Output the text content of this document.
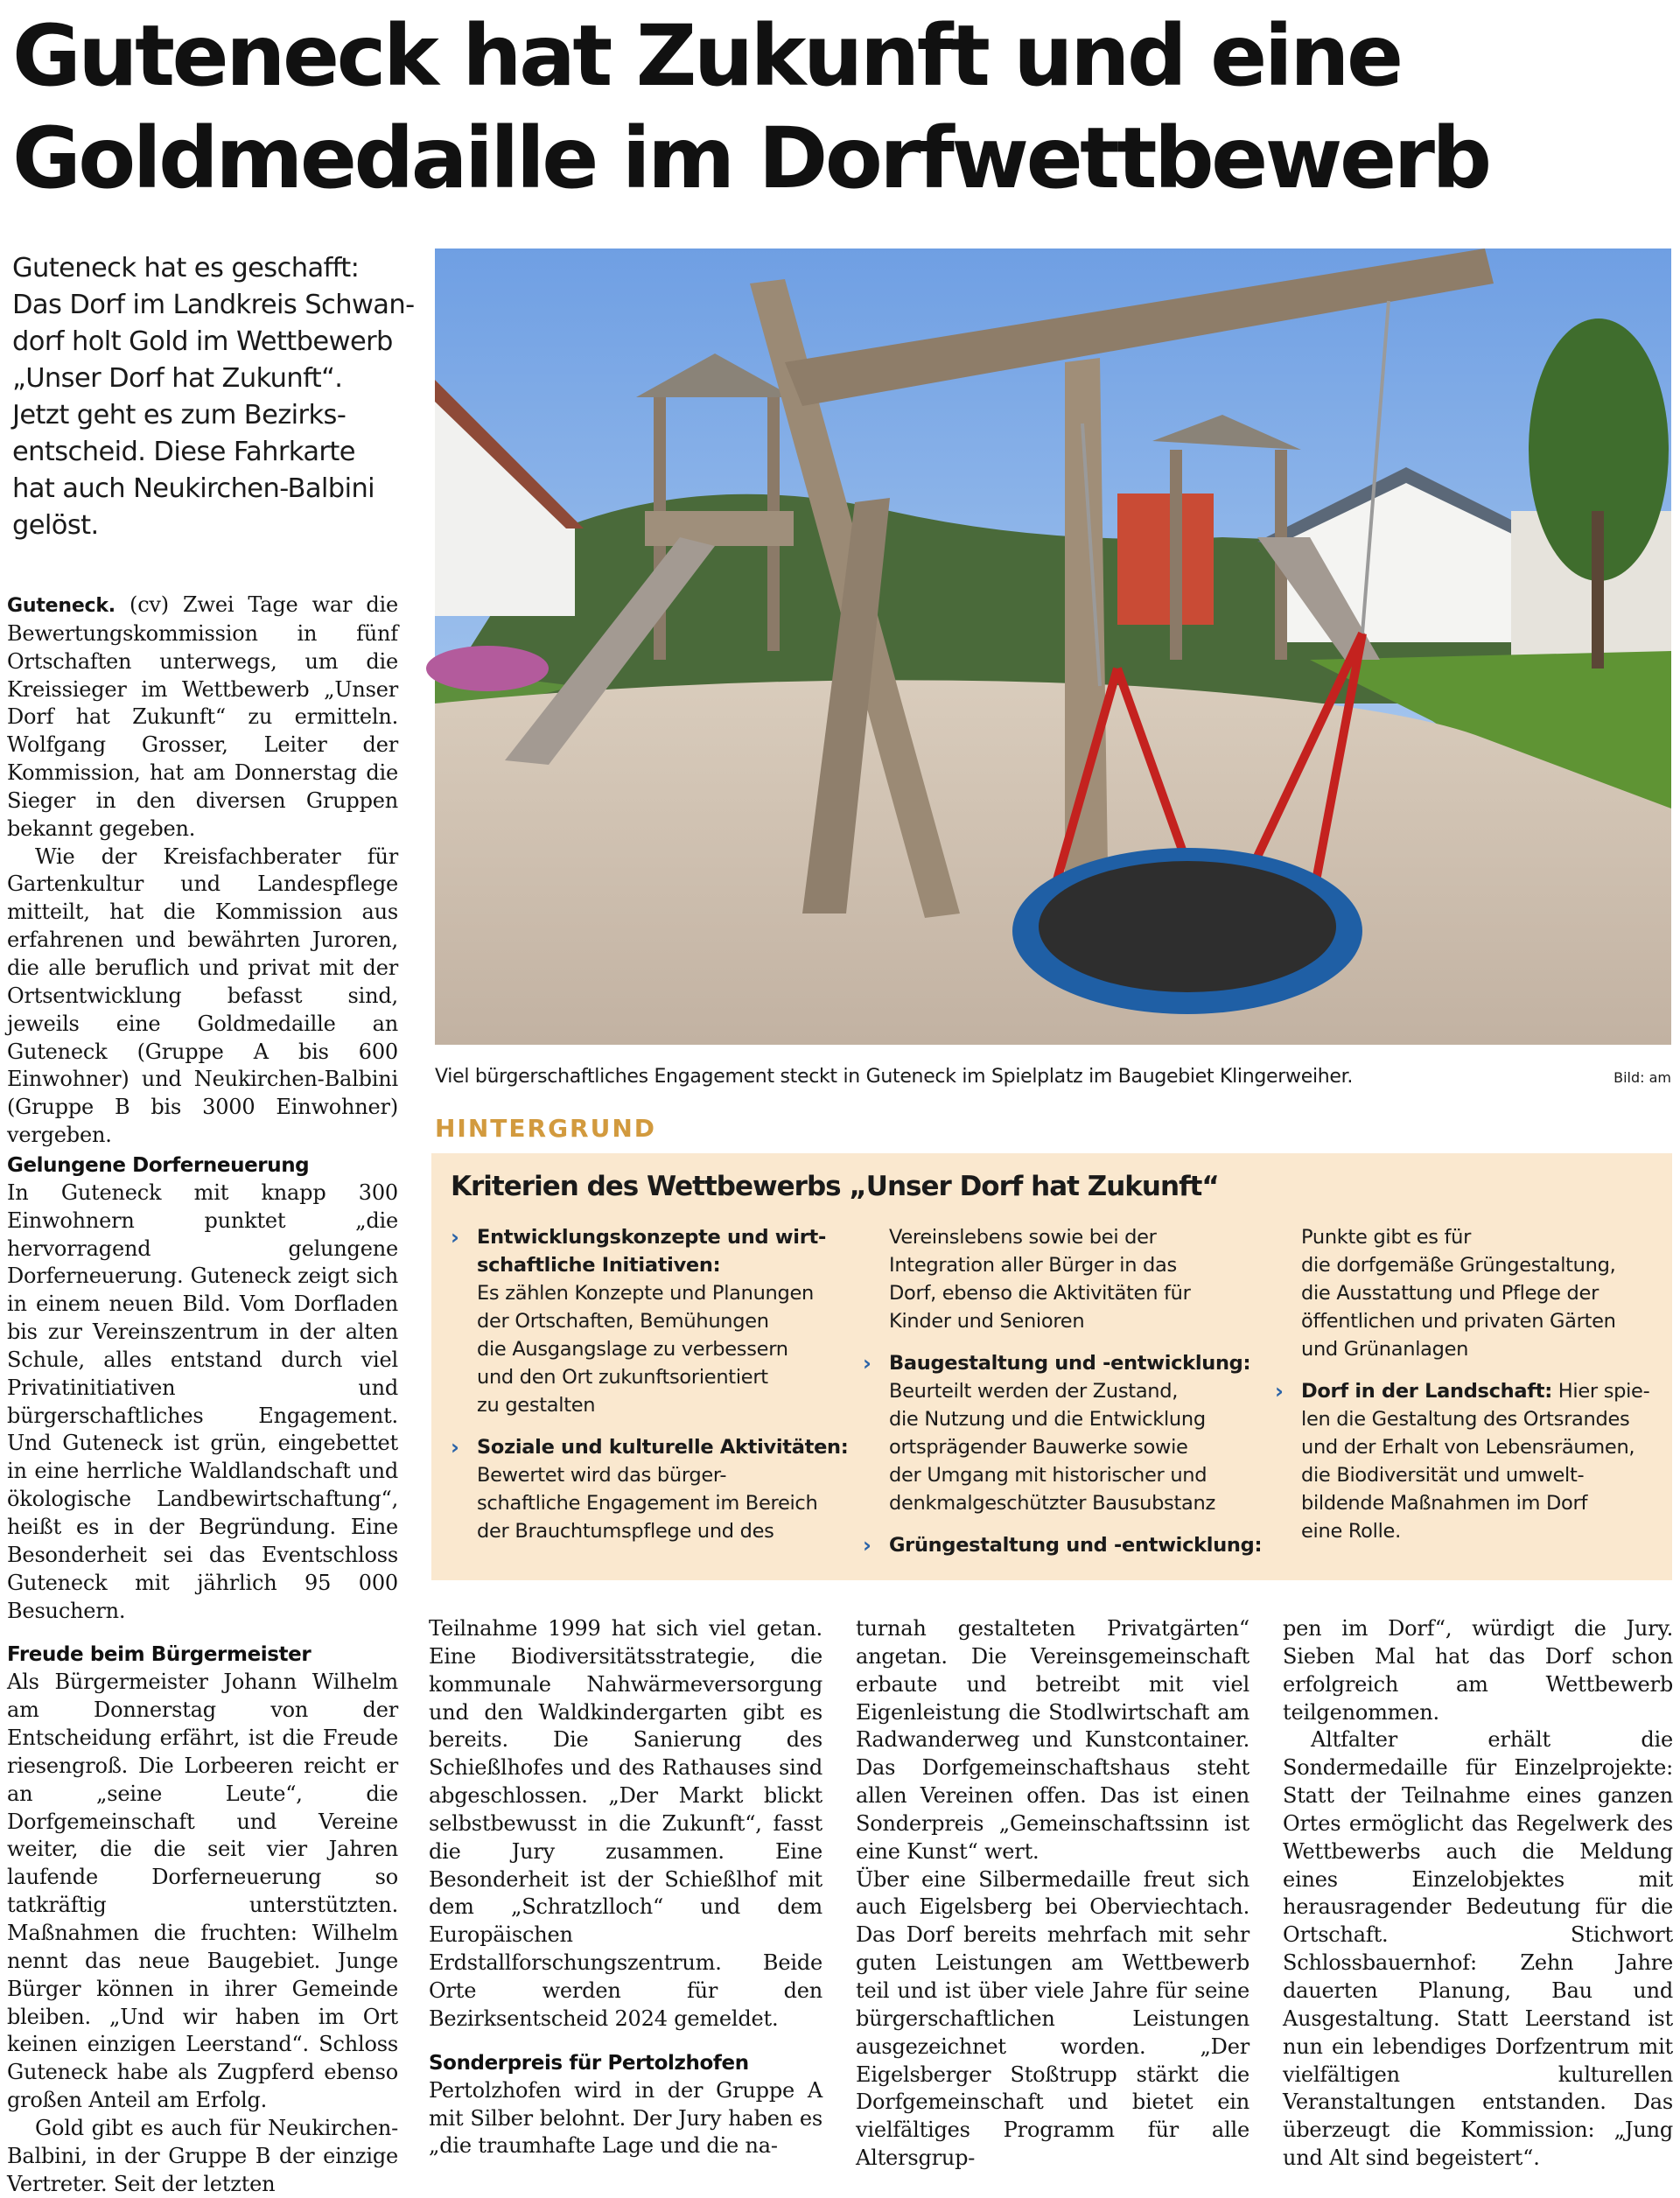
Guteneck hat Zukunft und eine
Goldmedaille im Dorfwettbewerb
Guteneck hat es geschafft:
Das Dorf im Landkreis Schwan-
dorf holt Gold im Wettbewerb
„Unser Dorf hat Zukunft“.
Jetzt geht es zum Bezirks-
entscheid. Diese Fahrkarte
hat auch Neukirchen-Balbini
gelöst.

Guteneck. (cv) Zwei Tage war die Bewertungskommission in fünf Ortschaften unterwegs, um die Kreissieger im Wettbewerb „Unser Dorf hat Zukunft“ zu ermitteln. Wolfgang Grosser, Leiter der Kommission, hat am Donnerstag die Sieger in den diversen Gruppen bekannt gegeben.

Wie der Kreisfachberater für Gartenkultur und Landespflege mitteilt, hat die Kommission aus erfahrenen und bewährten Juroren, die alle beruflich und privat mit der Ortsentwicklung befasst sind, jeweils eine Goldmedaille an Guteneck (Gruppe A bis 600 Einwohner) und Neukirchen-Balbini (Gruppe B bis 3000 Einwohner) vergeben.

Gelungene Dorferneuerung

In Guteneck mit knapp 300 Einwohnern punktet „die hervorragend gelungene Dorferneuerung. Guteneck zeigt sich in einem neuen Bild. Vom Dorfladen bis zur Vereinszentrum in der alten Schule, alles entstand durch viel Privatinitiativen und bürgerschaftliches Engagement. Und Guteneck ist grün, eingebettet in eine herrliche Waldlandschaft und ökologische Landbewirtschaftung“, heißt es in der Begründung. Eine Besonderheit sei das Eventschloss Guteneck mit jährlich 95 000 Besuchern.

Freude beim Bürgermeister

Als Bürgermeister Johann Wilhelm am Donnerstag von der Entscheidung erfährt, ist die Freude riesengroß. Die Lorbeeren reicht er an „seine Leute“, die Dorfgemeinschaft und Vereine weiter, die die seit vier Jahren laufende Dorferneuerung so tatkräftig unterstützten. Maßnahmen die fruchten: Wilhelm nennt das neue Baugebiet. Junge Bürger können in ihrer Gemeinde bleiben. „Und wir haben im Ort keinen einzigen Leerstand“. Schloss Guteneck habe als Zugpferd ebenso großen Anteil am Erfolg.

Gold gibt es auch für Neukirchen-Balbini, in der Gruppe B der einzige Vertreter. Seit der letzten

Viel bürgerschaftliches Engagement steckt in Guteneck im Spielplatz im Baugebiet Klingerweiher.	Bild: am
HINTERGRUND
Kriterien des Wettbewerbs „Unser Dorf hat Zukunft“
› Entwicklungskonzepte und wirt-
schaftliche Initiativen:
Es zählen Konzepte und Planungen
der Ortschaften, Bemühungen
die Ausgangslage zu verbessern
und den Ort zukunftsorientiert
zu gestalten
› Soziale und kulturelle Aktivitäten:
Bewertet wird das bürger-
schaftliche Engagement im Bereich
der Brauchtumspflege und des
Vereinslebens sowie bei der
Integration aller Bürger in das
Dorf, ebenso die Aktivitäten für
Kinder und Senioren
› Baugestaltung und -entwicklung:
Beurteilt werden der Zustand,
die Nutzung und die Entwicklung
ortsprägender Bauwerke sowie
der Umgang mit historischer und
denkmalgeschützter Bausubstanz
› Grüngestaltung und -entwicklung:
Punkte gibt es für
die dorfgemäße Grüngestaltung,
die Ausstattung und Pflege der
öffentlichen und privaten Gärten
und Grünanlagen
› Dorf in der Landschaft: Hier spie-
len die Gestaltung des Ortsrandes
und der Erhalt von Lebensräumen,
die Biodiversität und umwelt-
bildende Maßnahmen im Dorf
eine Rolle.

Teilnahme 1999 hat sich viel getan. Eine Biodiversitätsstrategie, die kommunale Nahwärmeversorgung und den Waldkindergarten gibt es bereits. Die Sanierung des Schießlhofes und des Rathauses sind abgeschlossen. „Der Markt blickt selbstbewusst in die Zukunft“, fasst die Jury zusammen. Eine Besonderheit ist der Schießlhof mit dem „Schratzlloch“ und dem Europäischen Erdstallforschungszentrum. Beide Orte werden für den Bezirksentscheid 2024 gemeldet.

Sonderpreis für Pertolzhofen

Pertolzhofen wird in der Gruppe A mit Silber belohnt. Der Jury haben es „die traumhafte Lage und die na-

turnah gestalteten Privatgärten“ angetan. Die Vereinsgemeinschaft erbaute und betreibt mit viel Eigenleistung die Stodlwirtschaft am Radwanderweg und Kunstcontainer. Das Dorfgemeinschaftshaus steht allen Vereinen offen. Das ist einen Sonderpreis „Gemeinschaftssinn ist eine Kunst“ wert.

Über eine Silbermedaille freut sich auch Eigelsberg bei Oberviechtach. Das Dorf bereits mehrfach mit sehr guten Leistungen am Wettbewerb teil und ist über viele Jahre für seine bürgerschaftlichen Leistungen ausgezeichnet worden. „Der Eigelsberger Stoßtrupp stärkt die Dorfgemeinschaft und bietet ein vielfältiges Programm für alle Altersgrup-

pen im Dorf“, würdigt die Jury. Sieben Mal hat das Dorf schon erfolgreich am Wettbewerb teilgenommen.

Altfalter erhält die Sondermedaille für Einzelprojekte: Statt der Teilnahme eines ganzen Ortes ermöglicht das Regelwerk des Wettbewerbs auch die Meldung eines Einzelobjektes mit herausragender Bedeutung für die Ortschaft. Stichwort Schlossbauernhof: Zehn Jahre dauerten Planung, Bau und Ausgestaltung. Statt Leerstand ist nun ein lebendiges Dorfzentrum mit vielfältigen kulturellen Veranstaltungen entstanden. Das überzeugt die Kommission: „Jung und Alt sind begeistert“.
